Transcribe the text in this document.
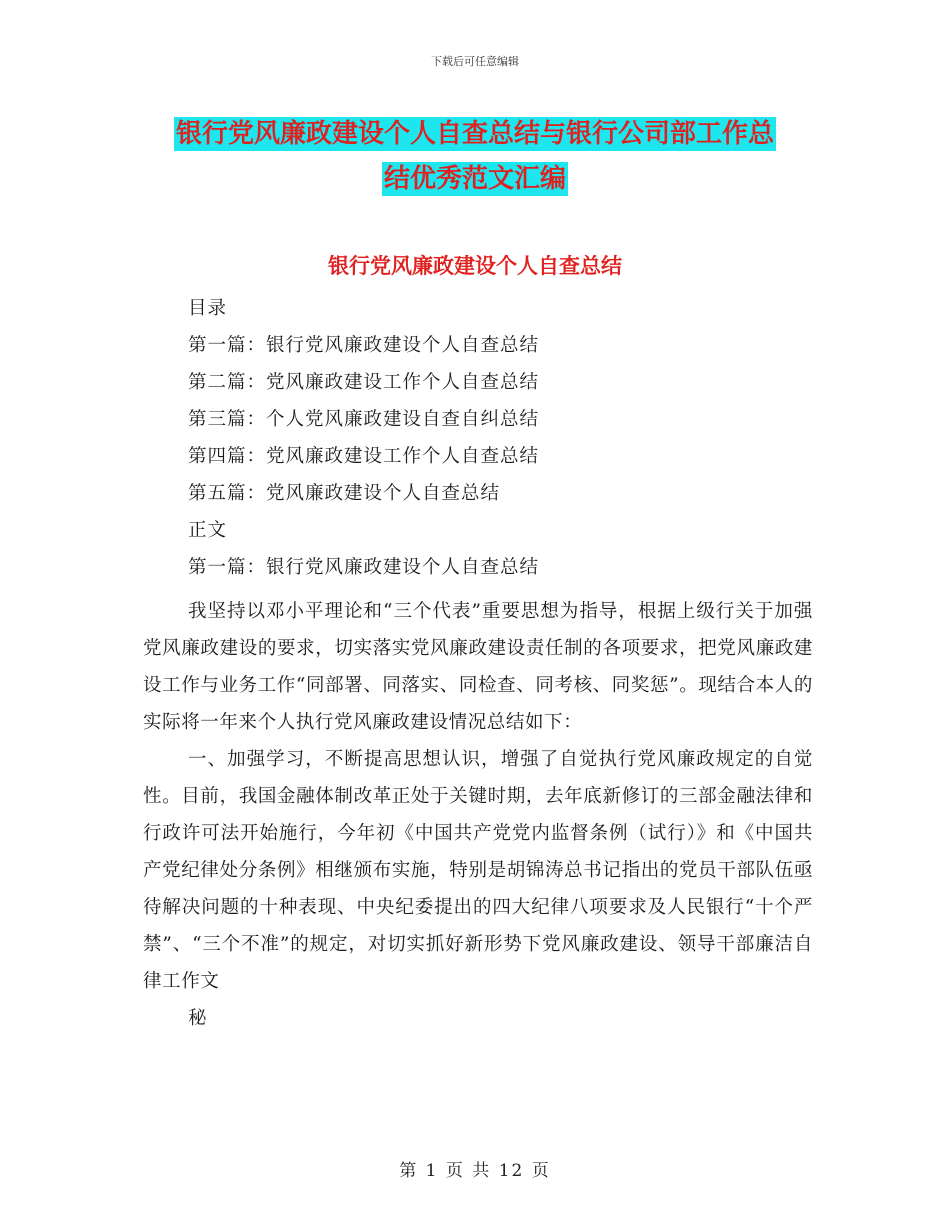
下载后可任意编辑
银行党风廉政建设个人自查总结与银行公司部工作总
结优秀范文汇编
银行党风廉政建设个人自查总结
目录
第一篇：银行党风廉政建设个人自查总结
第二篇：党风廉政建设工作个人自查总结
第三篇：个人党风廉政建设自查自纠总结
第四篇：党风廉政建设工作个人自查总结
第五篇：党风廉政建设个人自查总结
正文
第一篇：银行党风廉政建设个人自查总结

我坚持以邓小平理论和“三个代表”重要思想为指导，根据上级行关于加强党风廉政建设的要求，切实落实党风廉政建设责任制的各项要求，把党风廉政建设工作与业务工作“同部署、同落实、同检查、同考核、同奖惩”。现结合本人的实际将一年来个人执行党风廉政建设情况总结如下：

一、加强学习，不断提高思想认识，增强了自觉执行党风廉政规定的自觉性。目前，我国金融体制改革正处于关键时期，去年底新修订的三部金融法律和行政许可法开始施行，今年初《中国共产党党内监督条例（试行）》和《中国共产党纪律处分条例》相继颁布实施，特别是胡锦涛总书记指出的党员干部队伍亟待解决问题的十种表现、中央纪委提出的四大纪律八项要求及人民银行“十个严禁”、“三个不准”的规定，对切实抓好新形势下党风廉政建设、领导干部廉洁自律工作文

秘

第 1 页 共 12 页
